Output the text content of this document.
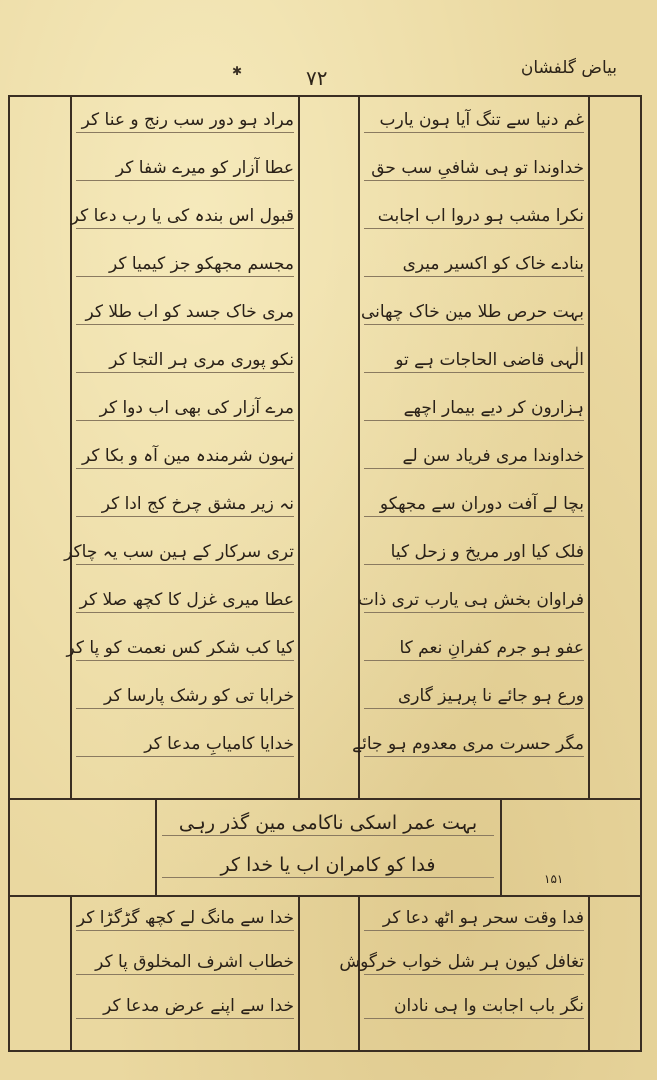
بیاض گلفشان
✱	۷۲
غم دنیا سے تنگ آیا ہون یارب
خداوندا تو ہی شافیِ سب حق
نکرا مشب ہو دروا اب اجابت
بنادے خاک کو اکسیر میری
بہت حرص طلا مین خاک چھانی
الٰہی قاضی الحاجات ہے تو
ہزارون کر دیے بیمار اچھے
خداوندا مری فریاد سن لے
بچا لے آفت دوران سے مجھکو
فلک کیا اور مریخ و زحل کیا
فراوان بخش ہی یارب تری ذات
عفو ہو جرم کفرانِ نعم کا
ورع ہو جائے نا پرہیز گاری
مگر حسرت مری معدوم ہو جائے
مراد ہو دور سب رنج و عنا کر
عطا آزار کو میرے شفا کر
قبول اس بندہ کی یا رب دعا کر
مجسم مجھکو جز کیمیا کر
مری خاک جسد کو اب طلا کر
نکو پوری مری ہر التجا کر
مرے آزار کی بھی اب دوا کر
نہون شرمندہ مین آہ و بکا کر
نہ زیر مشق چرخ کج ادا کر
تری سرکار کے ہین سب یہ چاکر
عطا میری غزل کا کچھ صلا کر
کیا کب شکر کس نعمت کو پا کر
خرابا تی کو رشک پارسا کر
خدایا کامیابِ مدعا کر
بہت عمر اسکی ناکامی مین گذر رہی
فدا کو کامران اب یا خدا کر
۱۵۱
فدا وقت سحر ہو اٹھ دعا کر
تغافل کیون ہر شل خواب خرگوش
نگر باب اجابت وا ہی نادان
خدا سے مانگ لے کچھ گڑگڑا کر
خطاب اشرف المخلوق پا کر
خدا سے اپنے عرض مدعا کر
